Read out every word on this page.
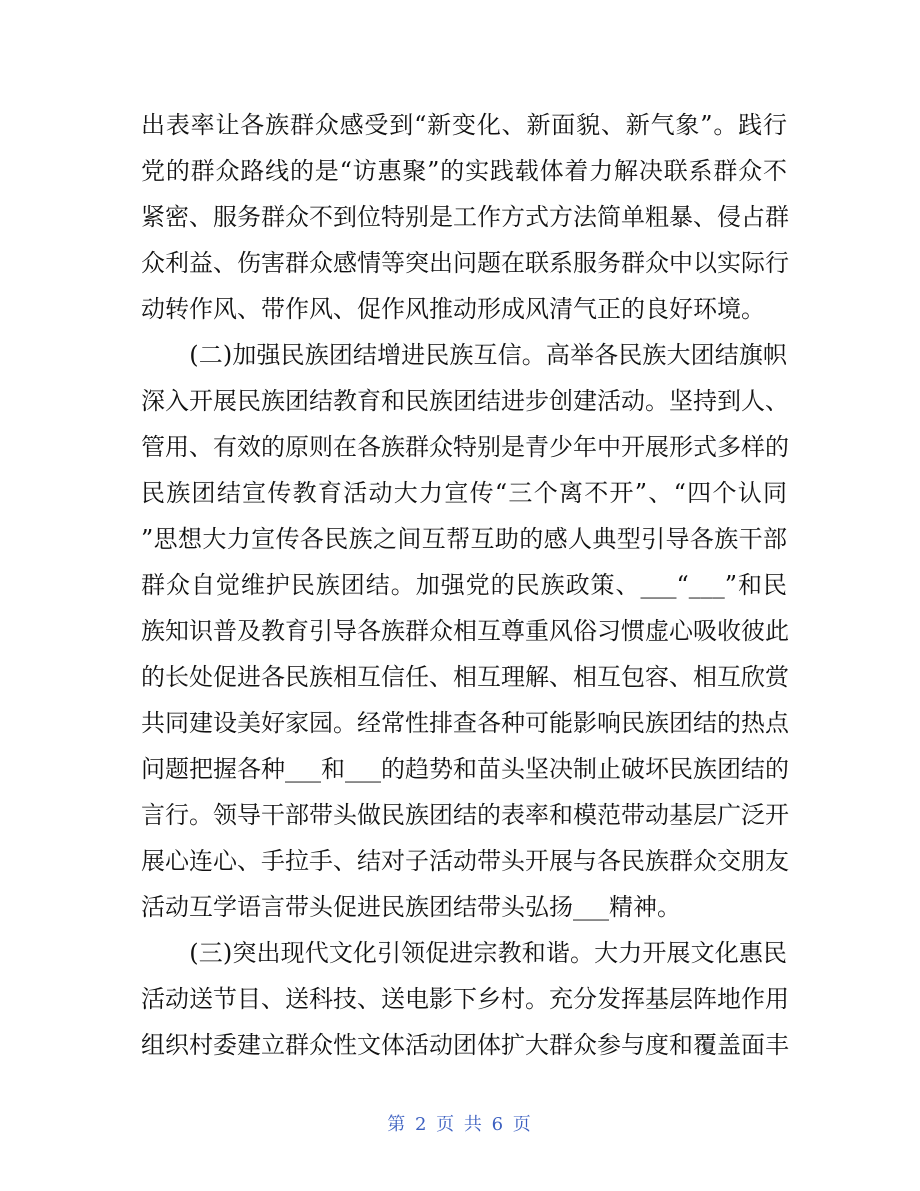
出表率让各族群众感受到“新变化、新面貌、新气象”。践行
党的群众路线的是“访惠聚”的实践载体着力解决联系群众不
紧密、服务群众不到位特别是工作方式方法简单粗暴、侵占群
众利益、伤害群众感情等突出问题在联系服务群众中以实际行
动转作风、带作风、促作风推动形成风清气正的良好环境。
　　(二)加强民族团结增进民族互信。高举各民族大团结旗帜
深入开展民族团结教育和民族团结进步创建活动。坚持到人、
管用、有效的原则在各族群众特别是青少年中开展形式多样的
民族团结宣传教育活动大力宣传“三个离不开”、“四个认同
”思想大力宣传各民族之间互帮互助的感人典型引导各族干部
群众自觉维护民族团结。加强党的民族政策、___“___”和民
族知识普及教育引导各族群众相互尊重风俗习惯虚心吸收彼此
的长处促进各民族相互信任、相互理解、相互包容、相互欣赏
共同建设美好家园。经常性排查各种可能影响民族团结的热点
问题把握各种___和___的趋势和苗头坚决制止破坏民族团结的
言行。领导干部带头做民族团结的表率和模范带动基层广泛开
展心连心、手拉手、结对子活动带头开展与各民族群众交朋友
活动互学语言带头促进民族团结带头弘扬___精神。
　　(三)突出现代文化引领促进宗教和谐。大力开展文化惠民
活动送节目、送科技、送电影下乡村。充分发挥基层阵地作用
组织村委建立群众性文体活动团体扩大群众参与度和覆盖面丰
第 2 页 共 6 页
